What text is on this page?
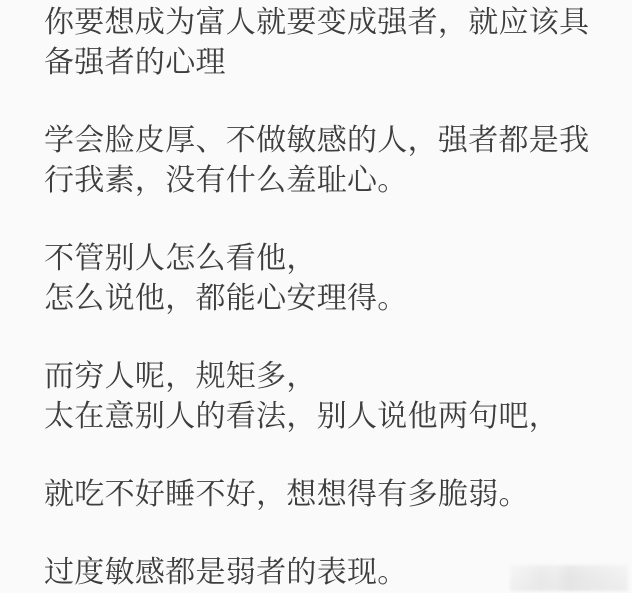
你要想成为富人就要变成强者，就应该具
备强者的心理

学会脸皮厚、不做敏感的人，强者都是我
行我素，没有什么羞耻心。

不管别人怎么看他，
怎么说他，都能心安理得。

而穷人呢，规矩多，
太在意别人的看法，别人说他两句吧，

就吃不好睡不好，想想得有多脆弱。

过度敏感都是弱者的表现。
